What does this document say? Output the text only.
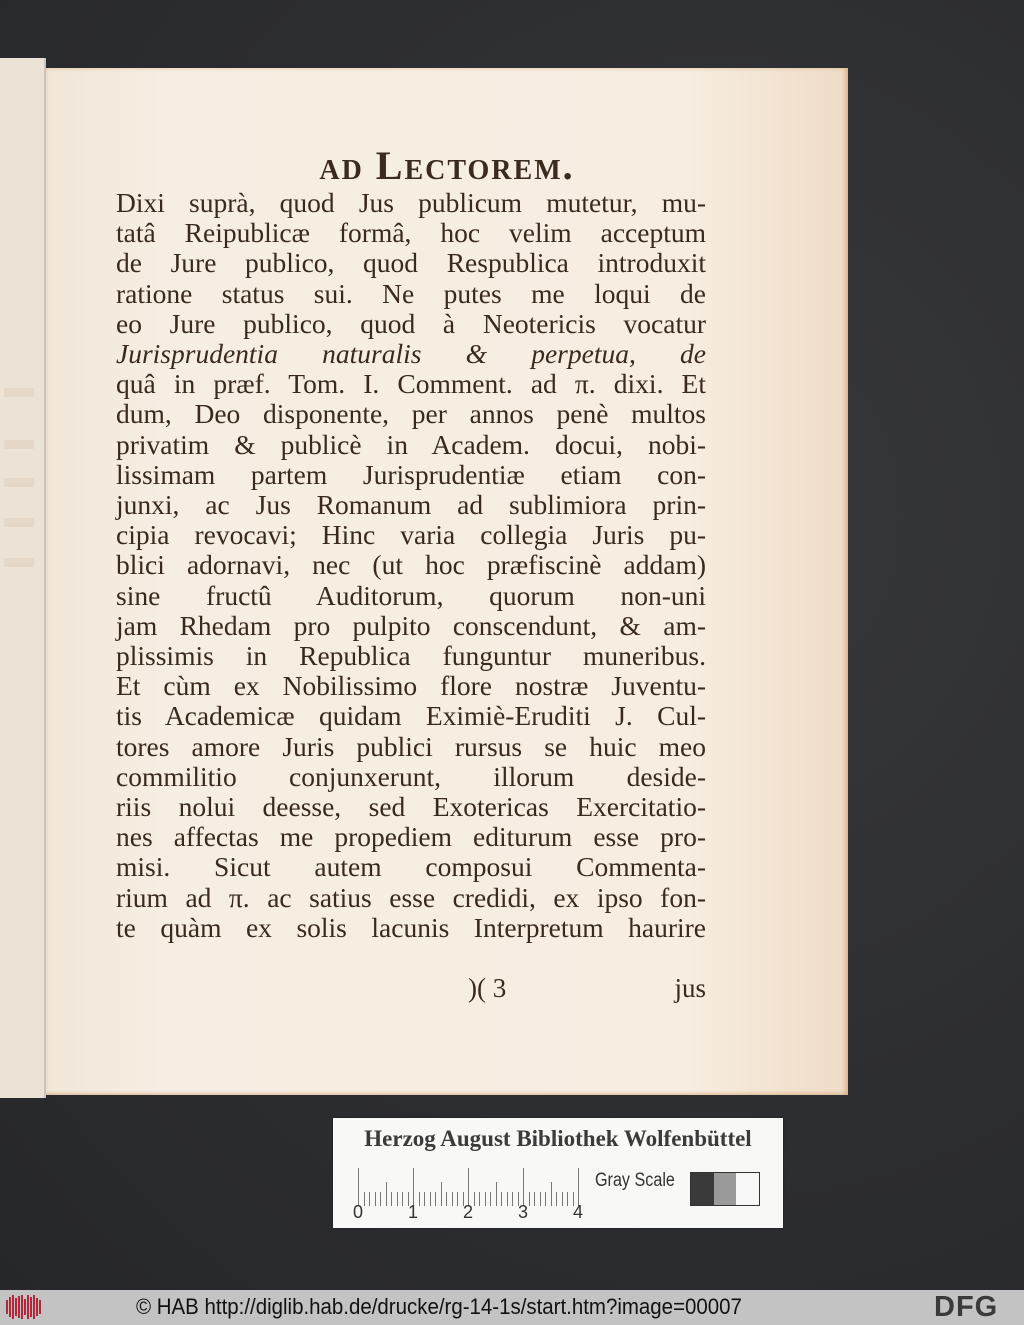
ad Lectorem.
Dixi suprà, quod Jus publicum mutetur, mu-
tatâ Reipublicæ formâ, hoc velim acceptum
de Jure publico, quod Respublica introduxit
ratione status sui. Ne putes me loqui de
eo Jure publico, quod à Neotericis vocatur
Jurisprudentia naturalis & perpetua, de
quâ in præf. Tom. I. Comment. ad π. dixi. Et
dum, Deo disponente, per annos penè multos
privatim & publicè in Academ. docui, nobi-
lissimam partem Jurisprudentiæ etiam con-
junxi, ac Jus Romanum ad sublimiora prin-
cipia revocavi; Hinc varia collegia Juris pu-
blici adornavi, nec (ut hoc præfiscinè addam)
sine fructû Auditorum, quorum non-uni
jam Rhedam pro pulpito conscendunt, & am-
plissimis in Republica funguntur muneribus.
Et cùm ex Nobilissimo flore nostræ Juventu-
tis Academicæ quidam Eximiè-Eruditi J. Cul-
tores amore Juris publici rursus se huic meo
commilitio conjunxerunt, illorum deside-
riis nolui deesse, sed Exotericas Exercitatio-
nes affectas me propediem editurum esse pro-
misi. Sicut autem composui Commenta-
rium ad π. ac satius esse credidi, ex ipso fon-
te quàm ex solis lacunis Interpretum haurire
)( 3	jus
Herzog August Bibliothek Wolfenbüttel
0 1 2 3 4
Gray Scale
© HAB http://diglib.hab.de/drucke/rg-14-1s/start.htm?image=00007	DFG
